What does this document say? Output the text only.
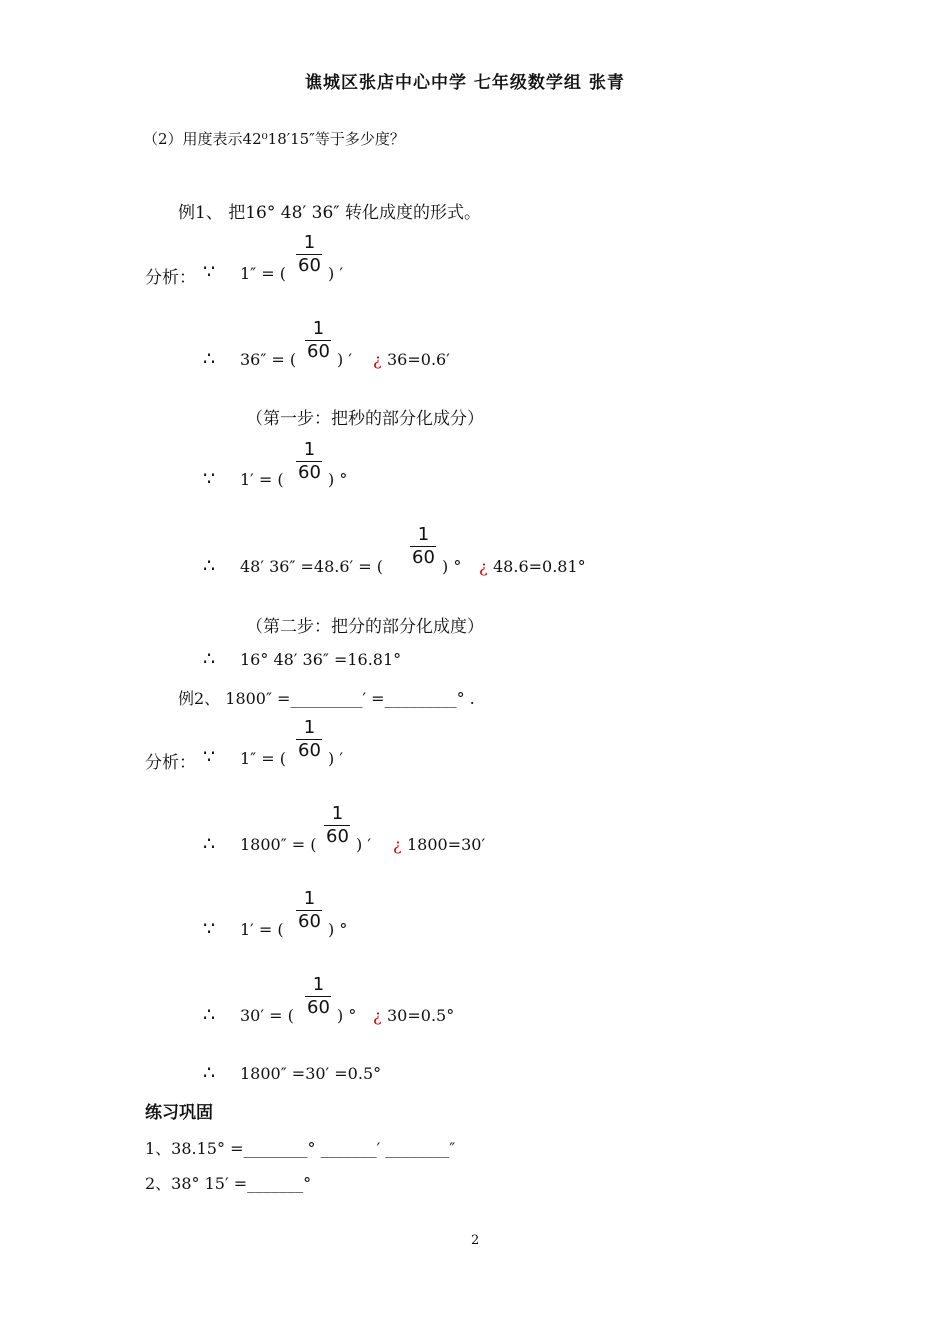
谯城区张店中心中学 七年级数学组 张青
（2）用度表示42⁰18′15″等于多少度？
例1、 把16° 48′ 36″ 转化成度的形式。
分析： ∵ 1″ = (
1
60 ) ′
∴ 36″ = (
1
60 ) ′ ¿ 36=0.6′
（第一步：把秒的部分化成分）
∵ 1′ = (
1
60 ) °
∴ 48′ 36″ =48.6′ = (
1
60 ) ° ¿ 48.6=0.81°
（第二步：把分的部分化成度）
∴ 16° 48′ 36″ =16.81°
例2、 1800″ =_________′ =_________° .
分析： ∵ 1″ = (
1
60 ) ′
∴ 1800″ = (
1
60 ) ′ ¿ 1800=30′
∵ 1′ = (
1
60 ) °
∴ 30′ = (
1
60 ) ° ¿ 30=0.5°
∴ 1800″ =30′ =0.5°
练习巩固
1、38.15° =________° _______′ ________″
2、38° 15′ =_______°
2
